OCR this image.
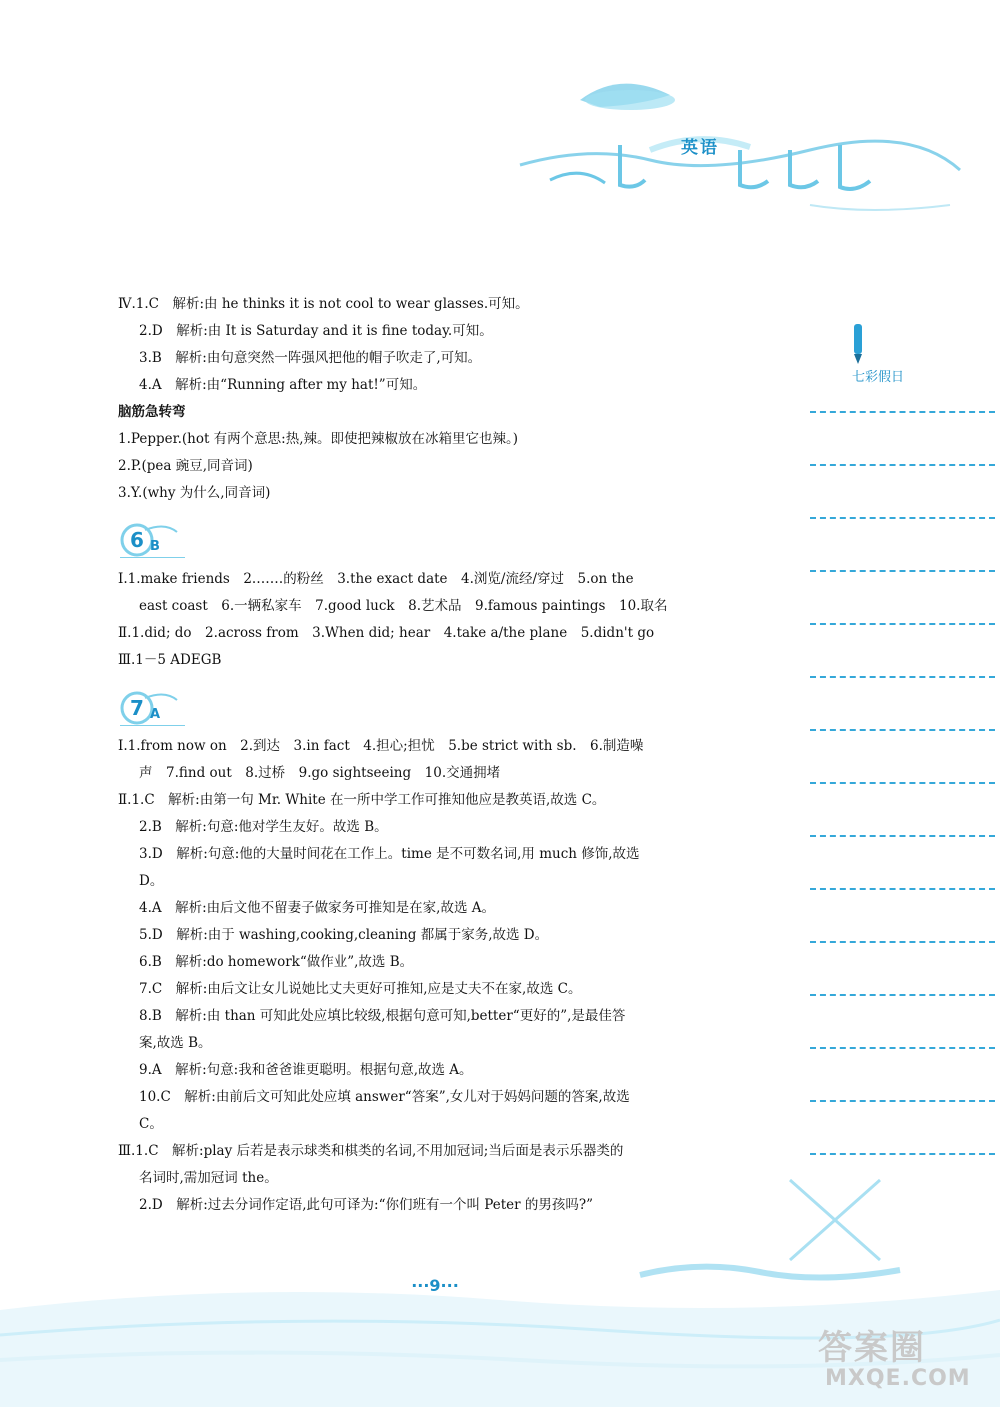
英语
七彩假日
6 B
7 A
Ⅳ.1.C　解析:由 he thinks it is not cool to wear glasses.可知。
2.D　解析:由 It is Saturday and it is fine today.可知。
3.B　解析:由句意突然一阵强风把他的帽子吹走了,可知。
4.A　解析:由“Running after my hat!”可知。
脑筋急转弯
1.Pepper.(hot 有两个意思:热,辣。即使把辣椒放在冰箱里它也辣。)
2.P.(pea 豌豆,同音词)
3.Y.(why 为什么,同音词)
Ⅰ.1.make friends　2.……的粉丝　3.the exact date　4.浏览/流经/穿过　5.on the
east coast　6.一辆私家车　7.good luck　8.艺术品　9.famous paintings　10.取名
Ⅱ.1.did; do　2.across from　3.When did; hear　4.take a/the plane　5.didn't go
Ⅲ.1－5 ADEGB
Ⅰ.1.from now on　2.到达　3.in fact　4.担心;担忧　5.be strict with sb.　6.制造噪
声　7.find out　8.过桥　9.go sightseeing　10.交通拥堵
Ⅱ.1.C　解析:由第一句 Mr. White 在一所中学工作可推知他应是教英语,故选 C。
2.B　解析:句意:他对学生友好。故选 B。
3.D　解析:句意:他的大量时间花在工作上。time 是不可数名词,用 much 修饰,故选
D。
4.A　解析:由后文他不留妻子做家务可推知是在家,故选 A。
5.D　解析:由于 washing,cooking,cleaning 都属于家务,故选 D。
6.B　解析:do homework“做作业”,故选 B。
7.C　解析:由后文让女儿说她比丈夫更好可推知,应是丈夫不在家,故选 C。
8.B　解析:由 than 可知此处应填比较级,根据句意可知,better“更好的”,是最佳答
案,故选 B。
9.A　解析:句意:我和爸爸谁更聪明。根据句意,故选 A。
10.C　解析:由前后文可知此处应填 answer“答案”,女儿对于妈妈问题的答案,故选
C。
Ⅲ.1.C　解析:play 后若是表示球类和棋类的名词,不用加冠词;当后面是表示乐器类的
名词时,需加冠词 the。
2.D　解析:过去分词作定语,此句可译为:“你们班有一个叫 Peter 的男孩吗?”
···9···
答案圈
MXQE.COM
